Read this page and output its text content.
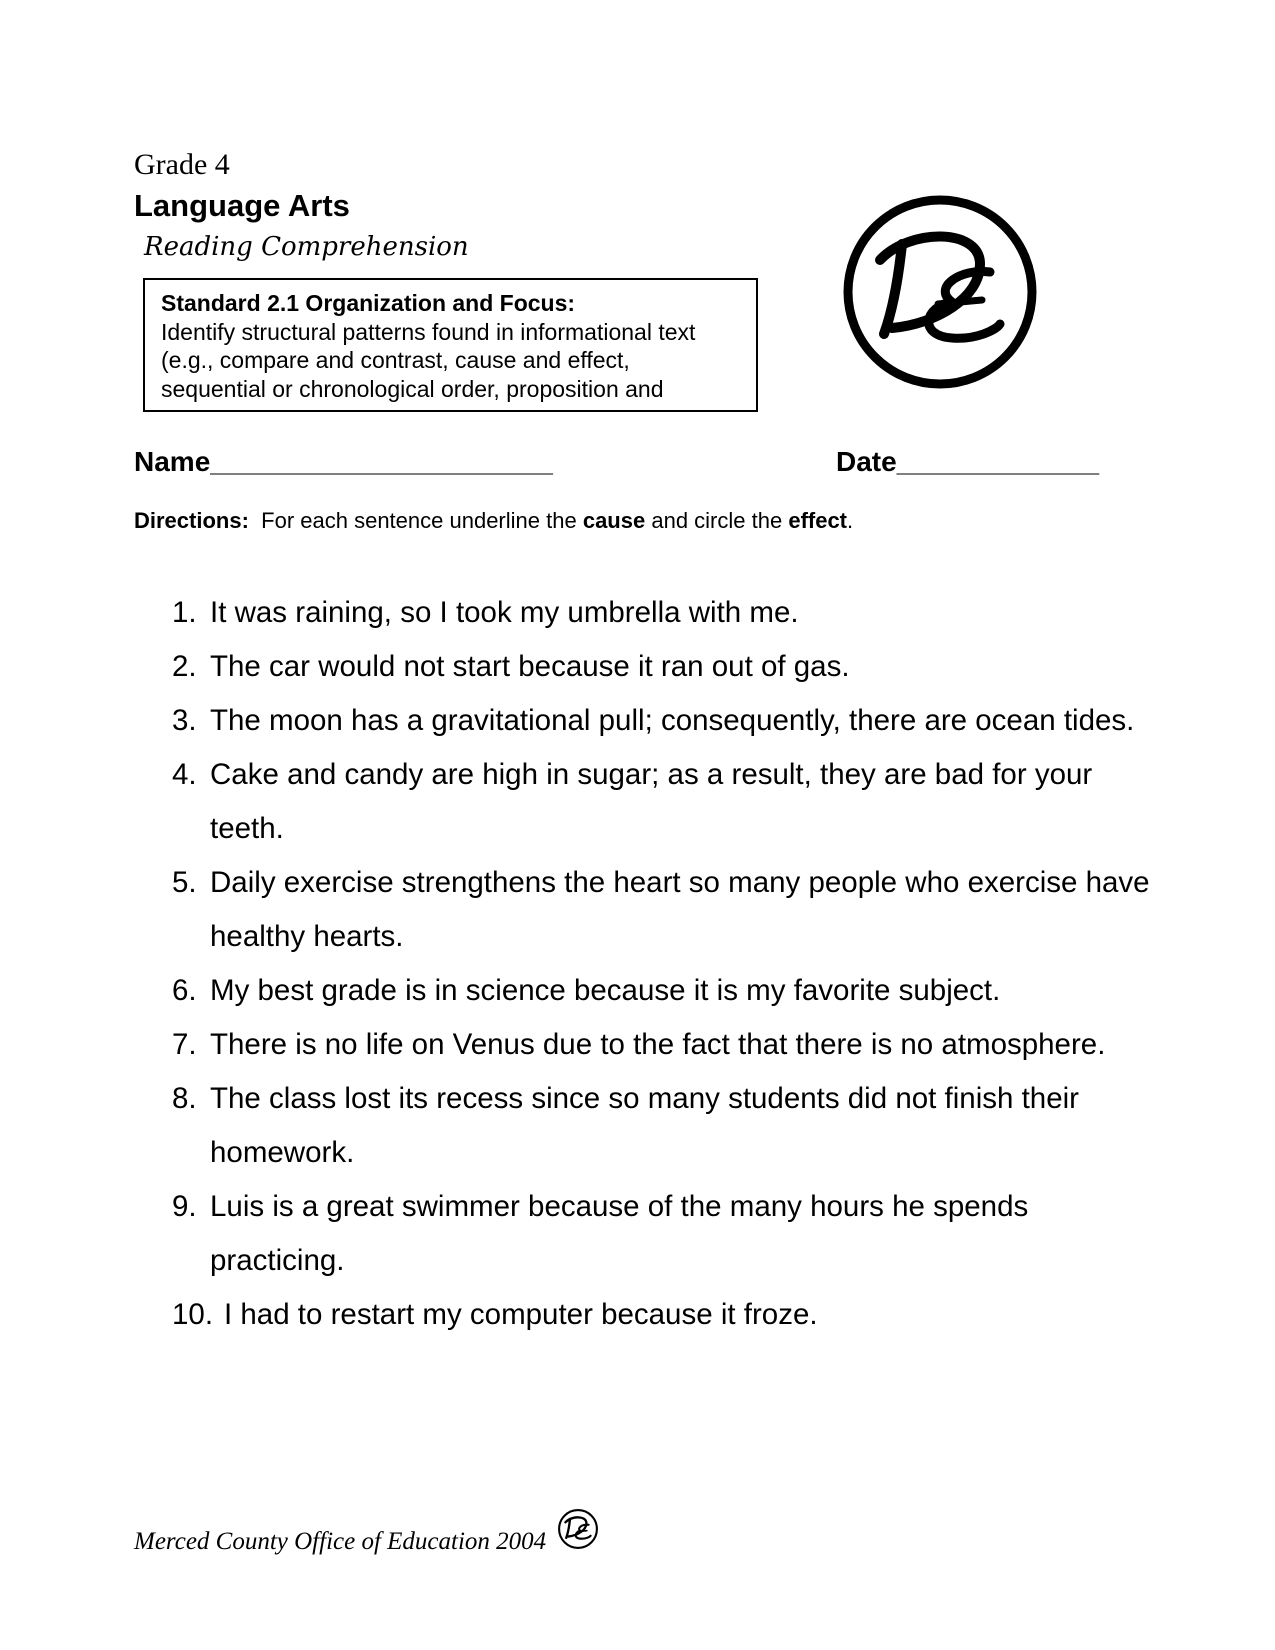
Grade 4
Language Arts
Reading Comprehension
Standard 2.1 Organization and Focus:
Identify structural patterns found in informational text (e.g., compare and contrast, cause and effect, sequential or chronological order, proposition and
Name______________________	Date_____________
Directions: For each sentence underline the cause and circle the effect.
1. It was raining, so I took my umbrella with me.
2. The car would not start because it ran out of gas.
3. The moon has a gravitational pull; consequently, there are ocean tides.
4. Cake and candy are high in sugar; as a result, they are bad for your teeth.
5. Daily exercise strengthens the heart so many people who exercise have healthy hearts.
6. My best grade is in science because it is my favorite subject.
7. There is no life on Venus due to the fact that there is no atmosphere.
8. The class lost its recess since so many students did not finish their homework.
9. Luis is a great swimmer because of the many hours he spends practicing.
10. I had to restart my computer because it froze.
Merced County Office of Education 2004
